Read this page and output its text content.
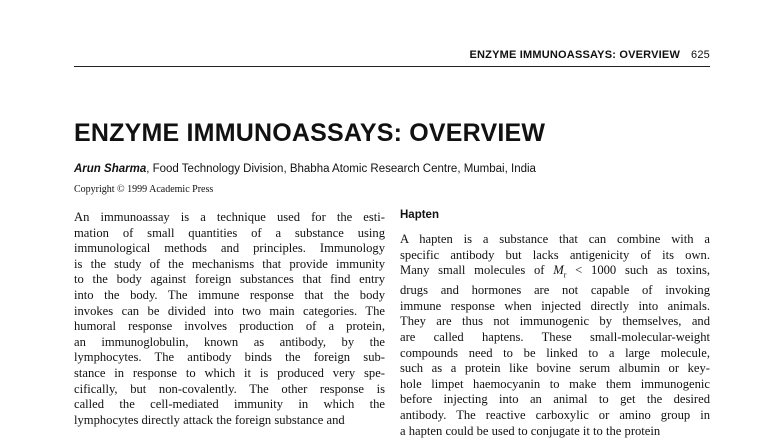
ENZYME IMMUNOASSAYS: OVERVIEW 625
ENZYME IMMUNOASSAYS: OVERVIEW
Arun Sharma, Food Technology Division, Bhabha Atomic Research Centre, Mumbai, India
Copyright © 1999 Academic Press
An immunoassay is a technique used for the esti-
mation of small quantities of a substance using
immunological methods and principles. Immunology
is the study of the mechanisms that provide immunity
to the body against foreign substances that find entry
into the body. The immune response that the body
invokes can be divided into two main categories. The
humoral response involves production of a protein,
an immunoglobulin, known as antibody, by the
lymphocytes. The antibody binds the foreign sub-
stance in response to which it is produced very spe-
cifically, but non-covalently. The other response is
called the cell-mediated immunity in which the
lymphocytes directly attack the foreign substance and
Hapten
A hapten is a substance that can combine with a
specific antibody but lacks antigenicity of its own.
Many small molecules of $M_r < 1000$ such as toxins,
drugs and hormones are not capable of invoking
immune response when injected directly into animals.
They are thus not immunogenic by themselves, and
are called haptens. These small-molecular-weight
compounds need to be linked to a large molecule,
such as a protein like bovine serum albumin or key-
hole limpet haemocyanin to make them immunogenic
before injecting into an animal to get the desired
antibody. The reactive carboxylic or amino group in
a hapten could be used to conjugate it to the protein
